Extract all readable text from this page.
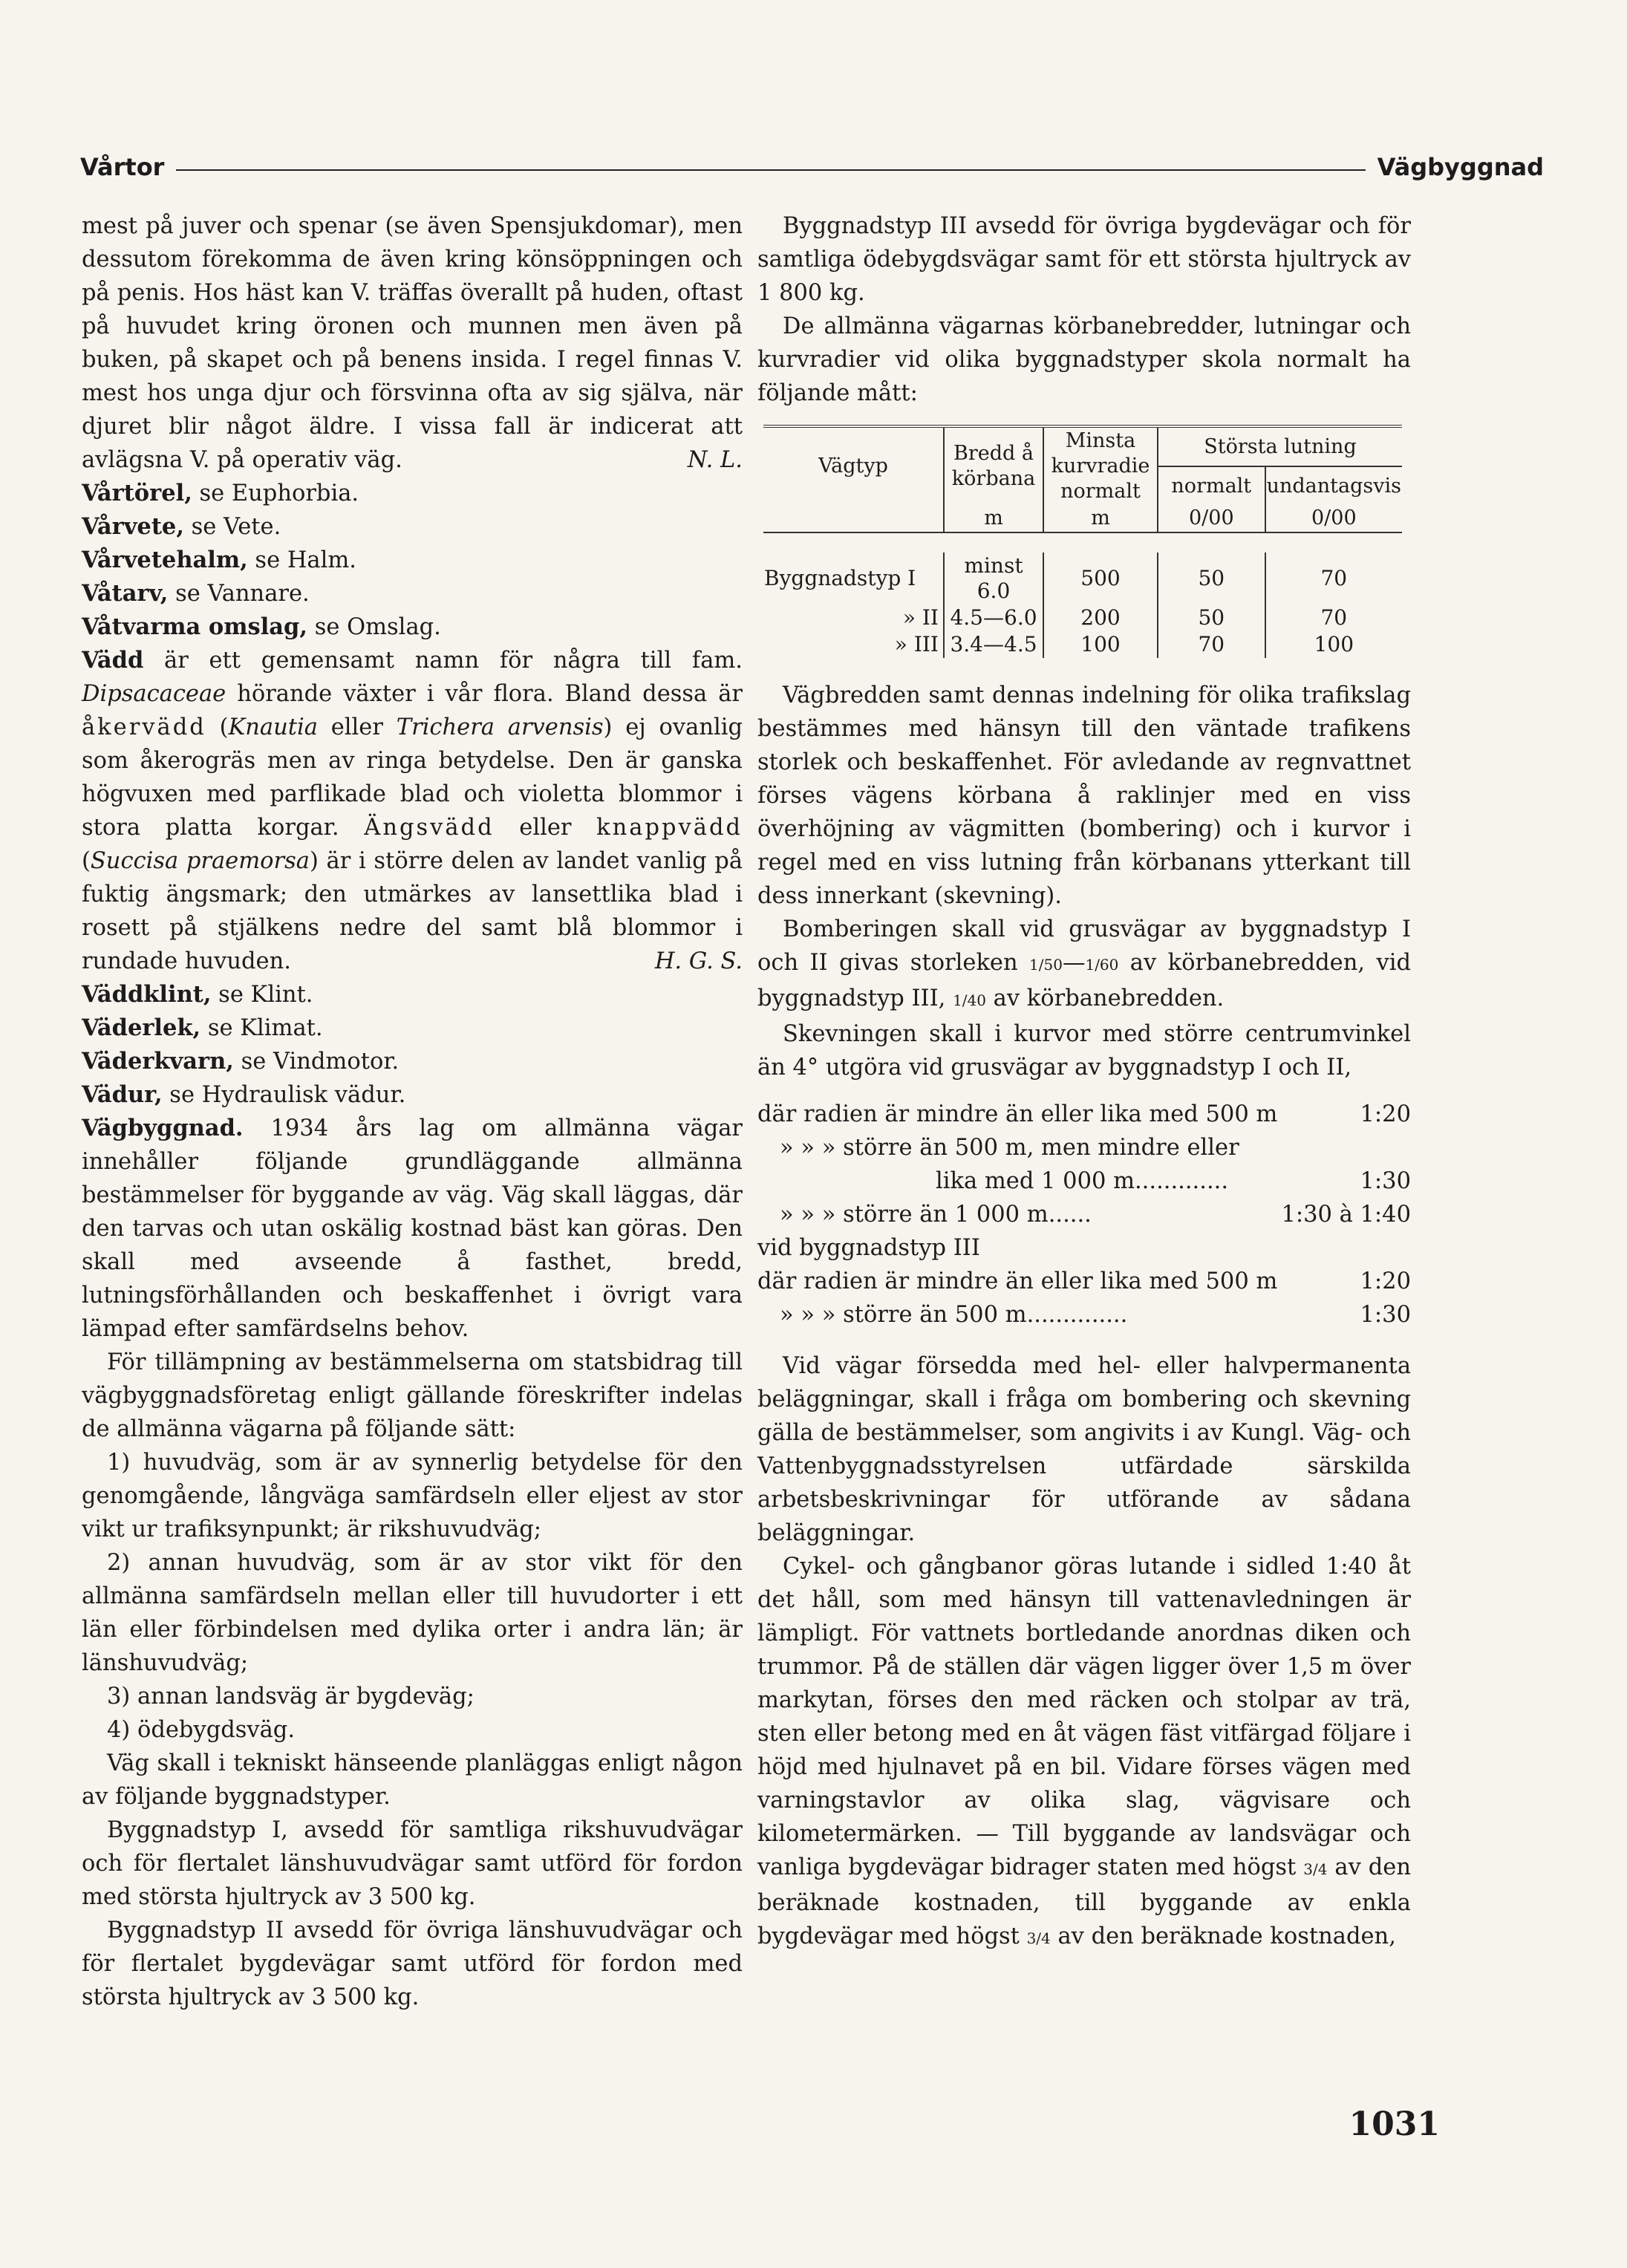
Vårtor	Vägbyggnad

mest på juver och spenar (se även Spensjukdomar), men dessutom förekomma de även kring könsöppningen och på penis. Hos häst kan V. träffas överallt på huden, oftast på huvudet kring öronen och munnen men även på buken, på skapet och på benens insida. I regel finnas V. mest hos unga djur och försvinna ofta av sig själva, när djuret blir något äldre. I vissa fall är indicerat att avlägsna V. på operativ väg.	N. L.

Vårtörel, se Euphorbia.

Vårvete, se Vete.

Vårvetehalm, se Halm.

Våtarv, se Vannare.

Våtvarma omslag, se Omslag.

Vädd är ett gemensamt namn för några till fam. Dipsacaceae hörande växter i vår flora. Bland dessa är åkervädd (Knautia eller Trichera arvensis) ej ovanlig som åkerogräs men av ringa betydelse. Den är ganska högvuxen med parflikade blad och violetta blommor i stora platta korgar. Ängsvädd eller knappvädd (Succisa praemorsa) är i större delen av landet vanlig på fuktig ängsmark; den utmärkes av lansettlika blad i rosett på stjälkens nedre del samt blå blommor i rundade huvuden.	H. G. S.

Väddklint, se Klint.

Väderlek, se Klimat.

Väderkvarn, se Vindmotor.

Vädur, se Hydraulisk vädur.

Vägbyggnad. 1934 års lag om allmänna vägar innehåller följande grundläggande allmänna bestämmelser för byggande av väg. Väg skall läggas, där den tarvas och utan oskälig kostnad bäst kan göras. Den skall med avseende å fasthet, bredd, lutningsförhållanden och beskaffenhet i övrigt vara lämpad efter samfärdselns behov.

För tillämpning av bestämmelserna om statsbidrag till vägbyggnadsföretag enligt gällande föreskrifter indelas de allmänna vägarna på följande sätt:

1) huvudväg, som är av synnerlig betydelse för den genomgående, långväga samfärdseln eller eljest av stor vikt ur trafiksynpunkt; är rikshuvudväg;

2) annan huvudväg, som är av stor vikt för den allmänna samfärdseln mellan eller till huvudorter i ett län eller förbindelsen med dylika orter i andra län; är länshuvudväg;

3) annan landsväg är bygdeväg;

4) ödebygdsväg.

Väg skall i tekniskt hänseende planläggas enligt någon av följande byggnadstyper.

Byggnadstyp I, avsedd för samtliga rikshuvudvägar och för flertalet länshuvudvägar samt utförd för fordon med största hjultryck av 3 500 kg.

Byggnadstyp II avsedd för övriga länshuvudvägar och för flertalet bygdevägar samt utförd för fordon med största hjultryck av 3 500 kg.

Byggnadstyp III avsedd för övriga bygdevägar och för samtliga ödebygdsvägar samt för ett största hjultryck av 1 800 kg.

De allmänna vägarnas körbanebredder, lutningar och kurvradier vid olika byggnadstyper skola normalt ha följande mått:

Vägtyp	Bredd å körbana	Minsta kurvradie normalt	Största lutning	
			normalt	undantagsvis
	m	m	0/00	0/00

Byggnadstyp I	minst 6.0	500	50	70
» II	4.5—6.0	200	50	70
» III	3.4—4.5	100	70	100

Vägbredden samt dennas indelning för olika trafikslag bestämmes med hänsyn till den väntade trafikens storlek och beskaffenhet. För avledande av regnvattnet förses vägens körbana å raklinjer med en viss överhöjning av vägmitten (bombering) och i kurvor i regel med en viss lutning från körbanans ytterkant till dess innerkant (skevning).

Bomberingen skall vid grusvägar av byggnadstyp I och II givas storleken 1/50—1/60 av körbanebredden, vid byggnadstyp III, 1/40 av körbanebredden.

Skevningen skall i kurvor med större centrumvinkel än 4° utgöra vid grusvägar av byggnadstyp I och II,

där radien är mindre än eller lika med 500 m	1:20
» » » större än 500 m, men mindre eller
lika med 1 000 m.............	1:30
» » » större än 1 000 m......	1:30 à 1:40
vid byggnadstyp III
där radien är mindre än eller lika med 500 m	1:20
» » » större än 500 m..............	1:30

Vid vägar försedda med hel- eller halvpermanenta beläggningar, skall i fråga om bombering och skevning gälla de bestämmelser, som angivits i av Kungl. Väg- och Vattenbyggnadsstyrelsen utfärdade särskilda arbetsbeskrivningar för utförande av sådana beläggningar.

Cykel- och gångbanor göras lutande i sidled 1:40 åt det håll, som med hänsyn till vattenavledningen är lämpligt. För vattnets bortledande anordnas diken och trummor. På de ställen där vägen ligger över 1,5 m över markytan, förses den med räcken och stolpar av trä, sten eller betong med en åt vägen fäst vitfärgad följare i höjd med hjulnavet på en bil. Vidare förses vägen med varningstavlor av olika slag, vägvisare och kilometermärken. — Till byggande av landsvägar och vanliga bygdevägar bidrager staten med högst 3/4 av den beräknade kostnaden, till byggande av enkla bygdevägar med högst 3/4 av den beräknade kostnaden,

1031
